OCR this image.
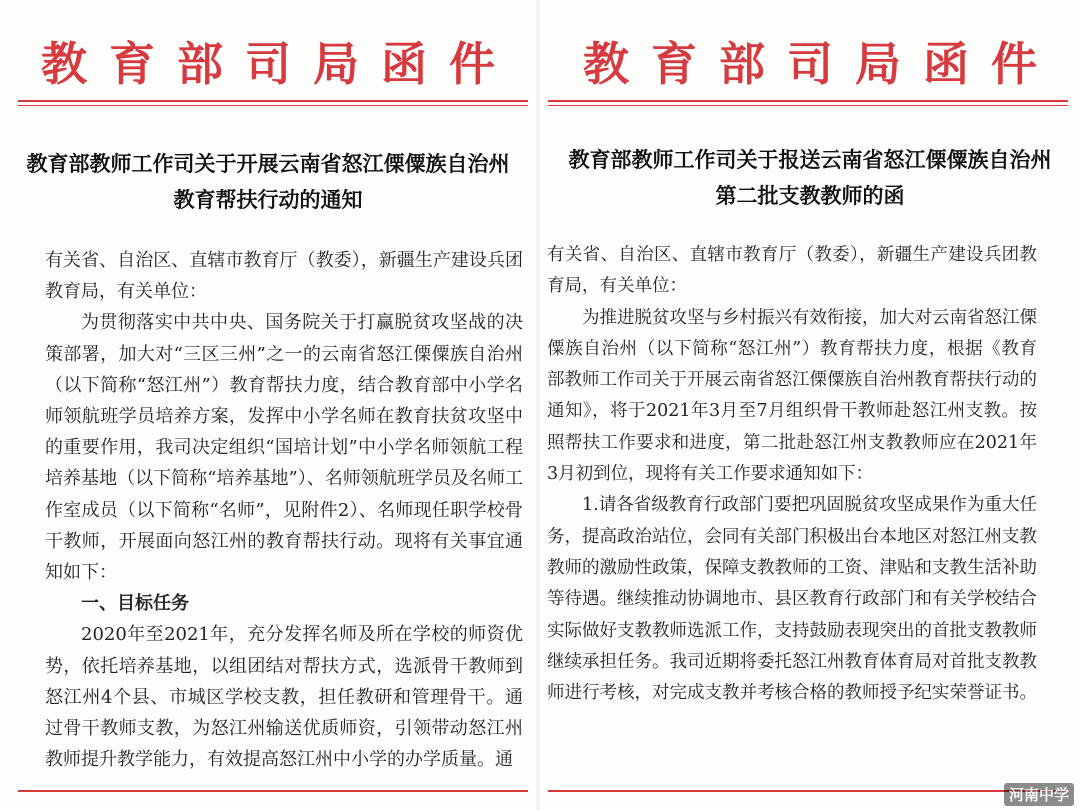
教育部司局函件
教育部教师工作司关于开展云南省怒江傈僳族自治州
教育帮扶行动的通知

有关省、自治区、直辖市教育厅（教委），新疆生产建设兵团教育局，有关单位：

为贯彻落实中共中央、国务院关于打赢脱贫攻坚战的决策部署，加大对“三区三州”之一的云南省怒江傈僳族自治州（以下简称“怒江州”）教育帮扶力度，结合教育部中小学名师领航班学员培养方案，发挥中小学名师在教育扶贫攻坚中的重要作用，我司决定组织“国培计划”中小学名师领航工程培养基地（以下简称“培养基地”）、名师领航班学员及名师工作室成员（以下简称“名师”，见附件2）、名师现任职学校骨干教师，开展面向怒江州的教育帮扶行动。现将有关事宜通知如下：

一、目标任务

2020年至2021年，充分发挥名师及所在学校的师资优势，依托培养基地，以组团结对帮扶方式，选派骨干教师到怒江州4个县、市城区学校支教，担任教研和管理骨干。通过骨干教师支教，为怒江州输送优质师资，引领带动怒江州教师提升教学能力，有效提高怒江州中小学的办学质量。通

教育部司局函件
教育部教师工作司关于报送云南省怒江傈僳族自治州
第二批支教教师的函

有关省、自治区、直辖市教育厅（教委），新疆生产建设兵团教育局，有关单位：

为推进脱贫攻坚与乡村振兴有效衔接，加大对云南省怒江傈僳族自治州（以下简称“怒江州”）教育帮扶力度，根据《教育部教师工作司关于开展云南省怒江傈僳族自治州教育帮扶行动的通知》，将于2021年3月至7月组织骨干教师赴怒江州支教。按照帮扶工作要求和进度，第二批赴怒江州支教教师应在2021年3月初到位，现将有关工作要求通知如下：

1.请各省级教育行政部门要把巩固脱贫攻坚成果作为重大任务，提高政治站位，会同有关部门积极出台本地区对怒江州支教教师的激励性政策，保障支教教师的工资、津贴和支教生活补助等待遇。继续推动协调地市、县区教育行政部门和有关学校结合实际做好支教教师选派工作，支持鼓励表现突出的首批支教教师继续承担任务。我司近期将委托怒江州教育体育局对首批支教教师进行考核，对完成支教并考核合格的教师授予纪实荣誉证书。

河南中学
